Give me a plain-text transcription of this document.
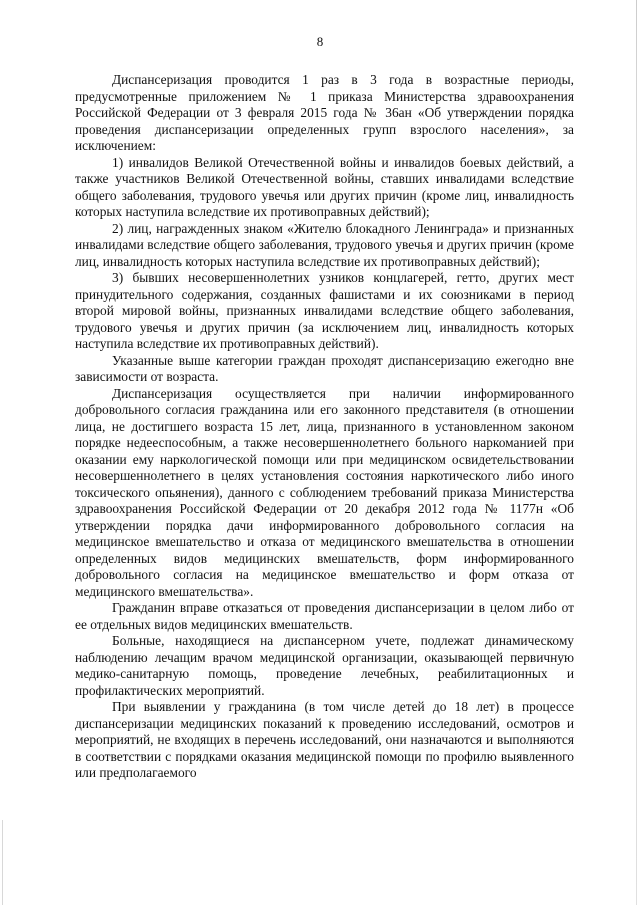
8

Диспансеризация проводится 1 раз в 3 года в возрастные периоды, предусмотренные приложением № 1 приказа Министерства здравоохранения Российской Федерации от 3 февраля 2015 года № 36ан «Об утверждении порядка проведения диспансеризации определенных групп взрослого населения», за исключением:

1) инвалидов Великой Отечественной войны и инвалидов боевых действий, а также участников Великой Отечественной войны, ставших инвалидами вследствие общего заболевания, трудового увечья или других причин (кроме лиц, инвалидность которых наступила вследствие их противоправных действий);

2) лиц, награжденных знаком «Жителю блокадного Ленинграда» и признанных инвалидами вследствие общего заболевания, трудового увечья и других причин (кроме лиц, инвалидность которых наступила вследствие их противоправных действий);

3) бывших несовершеннолетних узников концлагерей, гетто, других мест принудительного содержания, созданных фашистами и их союзниками в период второй мировой войны, признанных инвалидами вследствие общего заболевания, трудового увечья и других причин (за исключением лиц, инвалидность которых наступила вследствие их противоправных действий).

Указанные выше категории граждан проходят диспансеризацию ежегодно вне зависимости от возраста.

Диспансеризация осуществляется при наличии информированного добровольного согласия гражданина или его законного представителя (в отношении лица, не достигшего возраста 15 лет, лица, признанного в установленном законом порядке недееспособным, а также несовершеннолетнего больного наркоманией при оказании ему наркологической помощи или при медицинском освидетельствовании несовершеннолетнего в целях установления состояния наркотического либо иного токсического опьянения), данного с соблюдением требований приказа Министерства здравоохранения Российской Федерации от 20 декабря 2012 года № 1177н «Об утверждении порядка дачи информированного добровольного согласия на медицинское вмешательство и отказа от медицинского вмешательства в отношении определенных видов медицинских вмешательств, форм информированного добровольного согласия на медицинское вмешательство и форм отказа от медицинского вмешательства».

Гражданин вправе отказаться от проведения диспансеризации в целом либо от ее отдельных видов медицинских вмешательств.

Больные, находящиеся на диспансерном учете, подлежат динамическому наблюдению лечащим врачом медицинской организации, оказывающей первичную медико-санитарную помощь, проведение лечебных, реабилитационных и профилактических мероприятий.

При выявлении у гражданина (в том числе детей до 18 лет) в процессе диспансеризации медицинских показаний к проведению исследований, осмотров и мероприятий, не входящих в перечень исследований, они назначаются и выполняются в соответствии с порядками оказания медицинской помощи по профилю выявленного или предполагаемого
